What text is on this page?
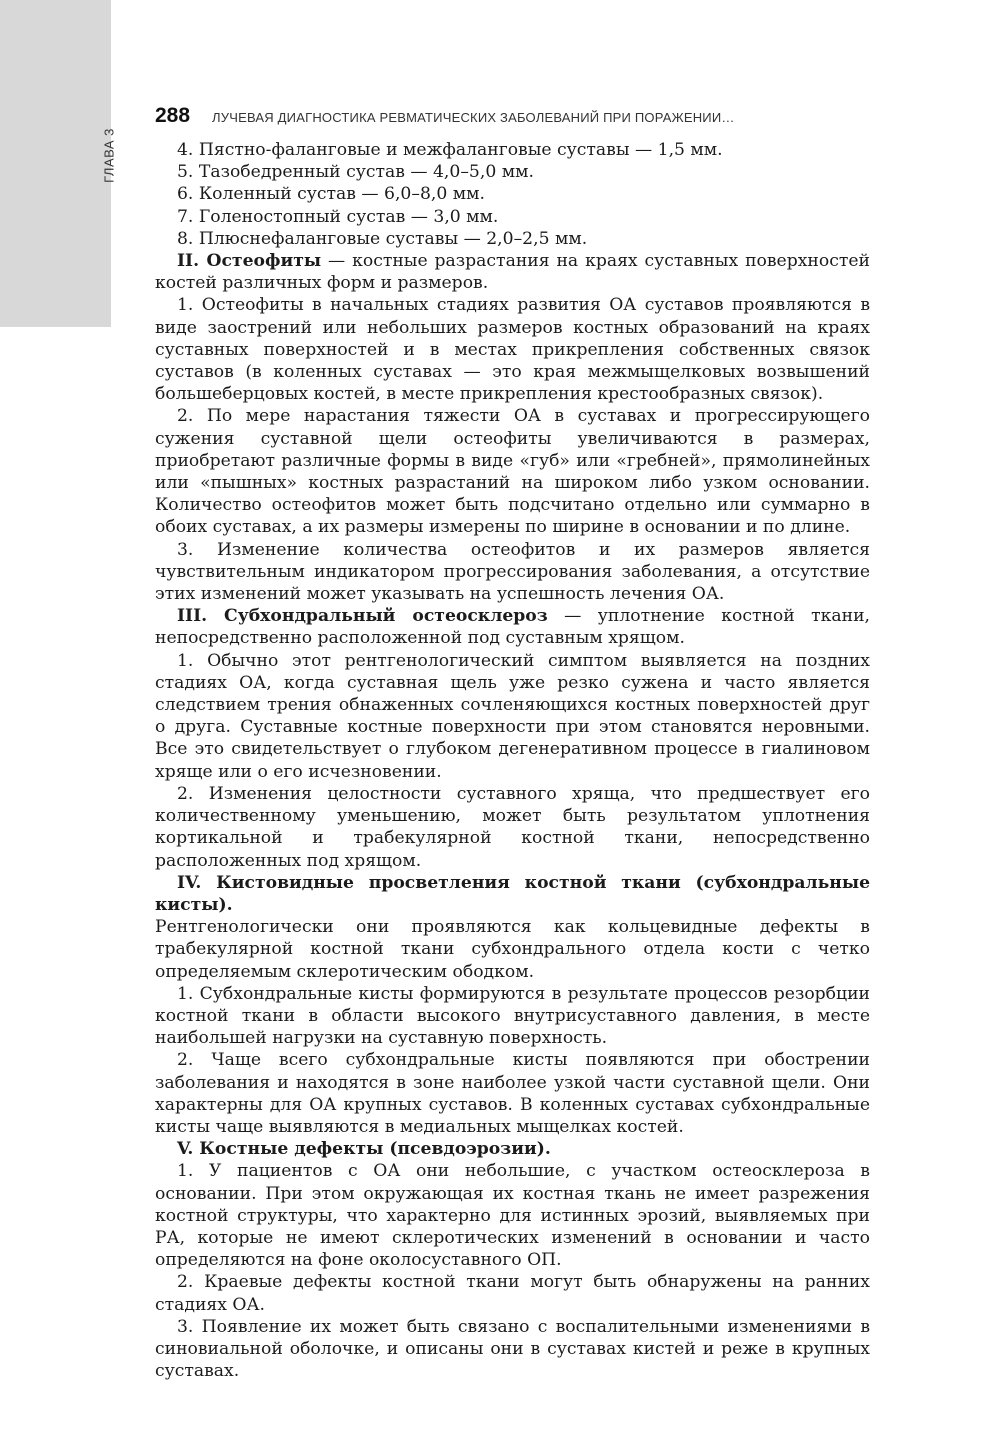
ГЛАВА 3
288 ЛУЧЕВАЯ ДИАГНОСТИКА РЕВМАТИЧЕСКИХ ЗАБОЛЕВАНИЙ ПРИ ПОРАЖЕНИИ…

4. Пястно-фаланговые и межфаланговые суставы — 1,5 мм.

5. Тазобедренный сустав — 4,0–5,0 мм.

6. Коленный сустав — 6,0–8,0 мм.

7. Голеностопный сустав — 3,0 мм.

8. Плюснефаланговые суставы — 2,0–2,5 мм.

II. Остеофиты — костные разрастания на краях суставных поверхностей костей различных форм и размеров.

1. Остеофиты в начальных стадиях развития ОА суставов проявляются в виде заострений или небольших размеров костных образований на краях суставных поверхностей и в местах прикрепления собственных связок суставов (в коленных суставах — это края межмыщелковых возвышений большеберцовых костей, в месте прикрепления крестообразных связок).

2. По мере нарастания тяжести ОА в суставах и прогрессирующего сужения суставной щели остеофиты увеличиваются в размерах, приобретают различные формы в виде «губ» или «гребней», прямолинейных или «пышных» костных разрастаний на широком либо узком основании. Количество остеофитов может быть подсчитано отдельно или суммарно в обоих суставах, а их размеры измерены по ширине в основании и по длине.

3. Изменение количества остеофитов и их размеров является чувствительным индикатором прогрессирования заболевания, а отсутствие этих изменений может указывать на успешность лечения ОА.

III. Субхондральный остеосклероз — уплотнение костной ткани, непосредственно расположенной под суставным хрящом.

1. Обычно этот рентгенологический симптом выявляется на поздних стадиях ОА, когда суставная щель уже резко сужена и часто является следствием трения обнаженных сочленяющихся костных поверхностей друг о друга. Суставные костные поверхности при этом становятся неровными. Все это свидетельствует о глубоком дегенеративном процессе в гиалиновом хряще или о его исчезновении.

2. Изменения целостности суставного хряща, что предшествует его количественному уменьшению, может быть результатом уплотнения кортикальной и трабекулярной костной ткани, непосредственно расположенных под хрящом.

IV. Кистовидные просветления костной ткани (субхондральные кисты).

Рентгенологически они проявляются как кольцевидные дефекты в трабекулярной костной ткани субхондрального отдела кости с четко определяемым склеротическим ободком.

1. Субхондральные кисты формируются в результате процессов резорбции костной ткани в области высокого внутрисуставного давления, в месте наибольшей нагрузки на суставную поверхность.

2. Чаще всего субхондральные кисты появляются при обострении заболевания и находятся в зоне наиболее узкой части суставной щели. Они характерны для ОА крупных суставов. В коленных суставах субхондральные кисты чаще выявляются в медиальных мыщелках костей.

V. Костные дефекты (псевдоэрозии).

1. У пациентов с ОА они небольшие, с участком остеосклероза в основании. При этом окружающая их костная ткань не имеет разрежения костной структуры, что характерно для истинных эрозий, выявляемых при РА, которые не имеют склеротических изменений в основании и часто определяются на фоне околосуставного ОП.

2. Краевые дефекты костной ткани могут быть обнаружены на ранних стадиях ОА.

3. Появление их может быть связано с воспалительными изменениями в синовиальной оболочке, и описаны они в суставах кистей и реже в крупных суставах.
